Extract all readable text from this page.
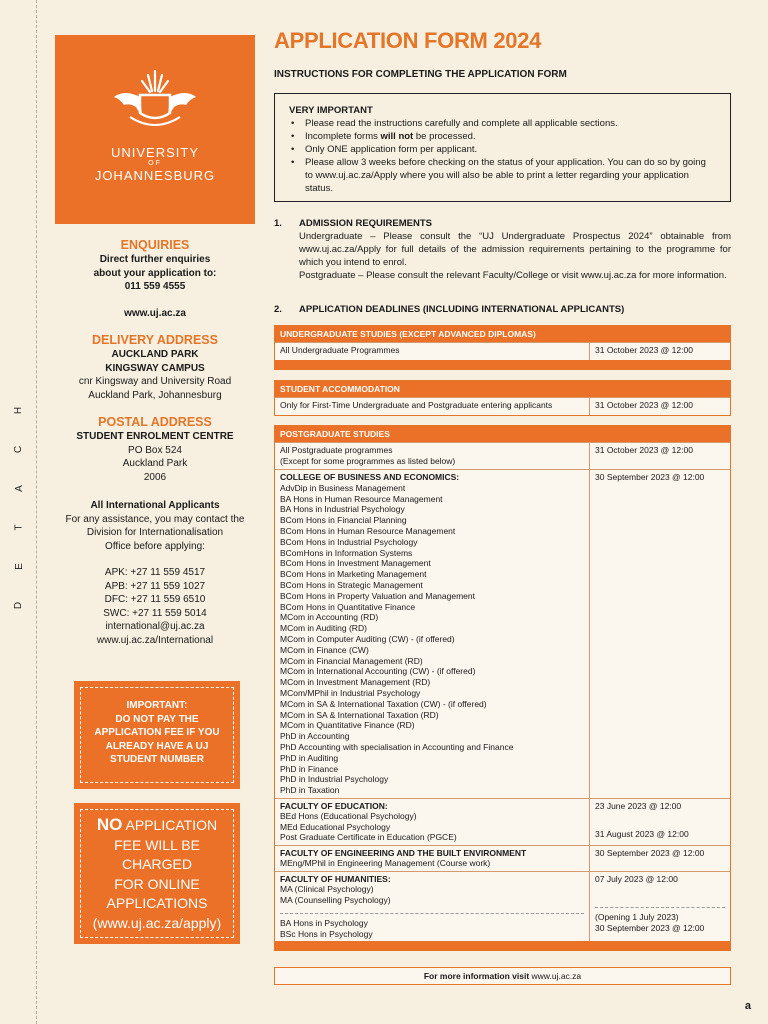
H
C
A
T
E
D
UNIVERSITY
OF
JOHANNESBURG
ENQUIRIES
Direct further enquiries
about your application to:
011 559 4555
www.uj.ac.za
DELIVERY ADDRESS
AUCKLAND PARK
KINGSWAY CAMPUS
cnr Kingsway and University Road
Auckland Park, Johannesburg
POSTAL ADDRESS
STUDENT ENROLMENT CENTRE
PO Box 524
Auckland Park
2006
All International Applicants
For any assistance, you may contact the
Division for Internationalisation
Office before applying:
APK: +27 11 559 4517
APB: +27 11 559 1027
DFC: +27 11 559 6510
SWC: +27 11 559 5014
international@uj.ac.za
www.uj.ac.za/International
IMPORTANT:
DO NOT PAY THE
APPLICATION FEE IF YOU
ALREADY HAVE A UJ
STUDENT NUMBER
NO APPLICATION
FEE WILL BE
CHARGED
FOR ONLINE
APPLICATIONS
(www.uj.ac.za/apply)
APPLICATION FORM 2024
INSTRUCTIONS FOR COMPLETING THE APPLICATION FORM
VERY IMPORTANT
• Please read the instructions carefully and complete all applicable sections.
• Incomplete forms will not be processed.
• Only ONE application form per applicant.
• Please allow 3 weeks before checking on the status of your application. You can do so by going to www.uj.ac.za/Apply where you will also be able to print a letter regarding your application status.
1. ADMISSION REQUIREMENTS
Undergraduate – Please consult the “UJ Undergraduate Prospectus 2024” obtainable from www.uj.ac.za/Apply for full details of the admission requirements pertaining to the programme for which you intend to enrol.
Postgraduate – Please consult the relevant Faculty/College or visit www.uj.ac.za for more information.
2. APPLICATION DEADLINES (INCLUDING INTERNATIONAL APPLICANTS)
UNDERGRADUATE STUDIES (EXCEPT ADVANCED DIPLOMAS)
All Undergraduate Programmes	31 October 2023 @ 12:00
STUDENT ACCOMMODATION
Only for First-Time Undergraduate and Postgraduate entering applicants	31 October 2023 @ 12:00
POSTGRADUATE STUDIES
All Postgraduate programmes
(Except for some programmes as listed below)
31 October 2023 @ 12:00
COLLEGE OF BUSINESS AND ECONOMICS:
AdvDip in Business Management
BA Hons in Human Resource Management
BA Hons in Industrial Psychology
BCom Hons in Financial Planning
BCom Hons in Human Resource Management
BCom Hons in Industrial Psychology
BComHons in Information Systems
BCom Hons in Investment Management
BCom Hons in Marketing Management
BCom Hons in Strategic Management
BCom Hons in Property Valuation and Management
BCom Hons in Quantitative Finance
MCom in Accounting (RD)
MCom in Auditing (RD)
MCom in Computer Auditing (CW) - (if offered)
MCom in Finance (CW)
MCom in Financial Management (RD)
MCom in International Accounting (CW) - (if offered)
MCom in Investment Management (RD)
MCom/MPhil in Industrial Psychology
MCom in SA & International Taxation (CW) - (if offered)
MCom in SA & International Taxation (RD)
MCom in Quantitative Finance (RD)
PhD in Accounting
PhD Accounting with specialisation in Accounting and Finance
PhD in Auditing
PhD in Finance
PhD in Industrial Psychology
PhD in Taxation
30 September 2023 @ 12:00
FACULTY OF EDUCATION:
BEd Hons (Educational Psychology)
MEd Educational Psychology
Post Graduate Certificate in Education (PGCE)
23 June 2023 @ 12:00
31 August 2023 @ 12:00
FACULTY OF ENGINEERING AND THE BUILT ENVIRONMENT
MEng/MPhil in Engineering Management (Course work)
30 September 2023 @ 12:00
FACULTY OF HUMANITIES:
MA (Clinical Psychology)
MA (Counselling Psychology)
BA Hons in Psychology
BSc Hons in Psychology
07 July 2023 @ 12:00
(Opening 1 July 2023)
30 September 2023 @ 12:00
For more information visit www.uj.ac.za
a
